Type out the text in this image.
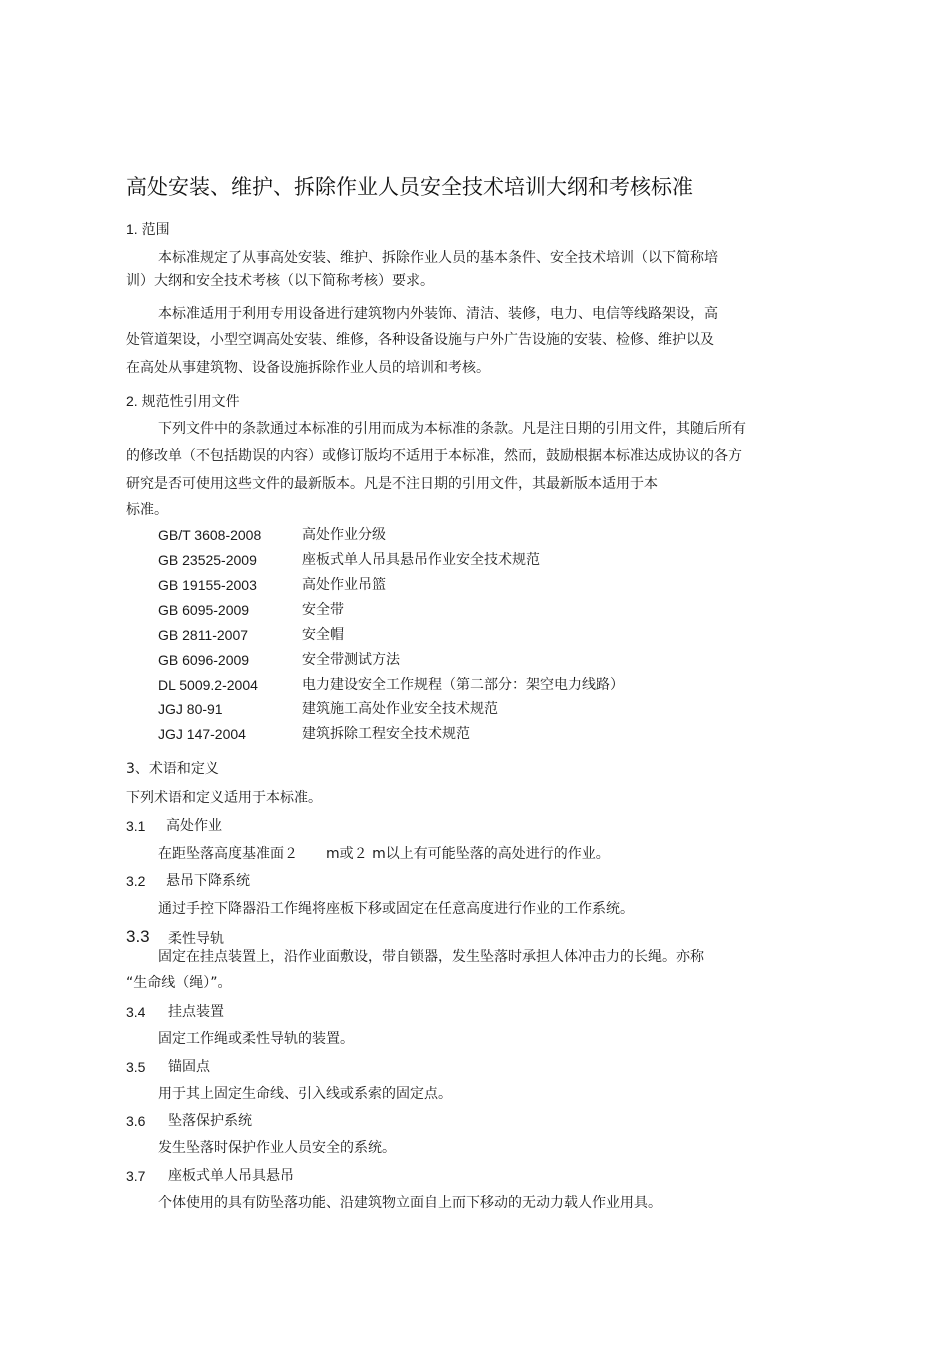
高处安装、维护、拆除作业人员安全技术培训大纲和考核标准
1. 范围
本标准规定了从事高处安装、维护、拆除作业人员的基本条件、安全技术培训（以下简称培
训）大纲和安全技术考核（以下简称考核）要求。
本标准适用于利用专用设备进行建筑物内外装饰、清洁、装修，电力、电信等线路架设，高
处管道架设，小型空调高处安装、维修，各种设备设施与户外广告设施的安装、检修、维护以及
在高处从事建筑物、设备设施拆除作业人员的培训和考核。
2. 规范性引用文件
下列文件中的条款通过本标准的引用而成为本标准的条款。凡是注日期的引用文件，其随后所有
的修改单（不包括勘误的内容）或修订版均不适用于本标准，然而，鼓励根据本标准达成协议的各方
研究是否可使用这些文件的最新版本。凡是不注日期的引用文件，其最新版本适用于本
标准。
GB/T 3608-2008	高处作业分级
GB 23525-2009	座板式单人吊具悬吊作业安全技术规范
GB 19155-2003	高处作业吊篮
GB 6095-2009	安全带
GB 2811-2007	安全帽
GB 6096-2009	安全带测试方法
DL 5009.2-2004	电力建设安全工作规程（第二部分：架空电力线路）
JGJ 80-91	建筑施工高处作业安全技术规范
JGJ 147-2004	建筑拆除工程安全技术规范
3、术语和定义
下列术语和定义适用于本标准。
3.1 高处作业
在距坠落高度基准面２ m或２ m以上有可能坠落的高处进行的作业。
3.2 悬吊下降系统
通过手控下降器沿工作绳将座板下移或固定在任意高度进行作业的工作系统。
3.3 柔性导轨
固定在挂点装置上，沿作业面敷设，带自锁器，发生坠落时承担人体冲击力的长绳。亦称
“生命线（绳）”。
3.4 挂点装置
固定工作绳或柔性导轨的装置。
3.5 锚固点
用于其上固定生命线、引入线或系索的固定点。
3.6 坠落保护系统
发生坠落时保护作业人员安全的系统。
3.7 座板式单人吊具悬吊
个体使用的具有防坠落功能、沿建筑物立面自上而下移动的无动力载人作业用具。
